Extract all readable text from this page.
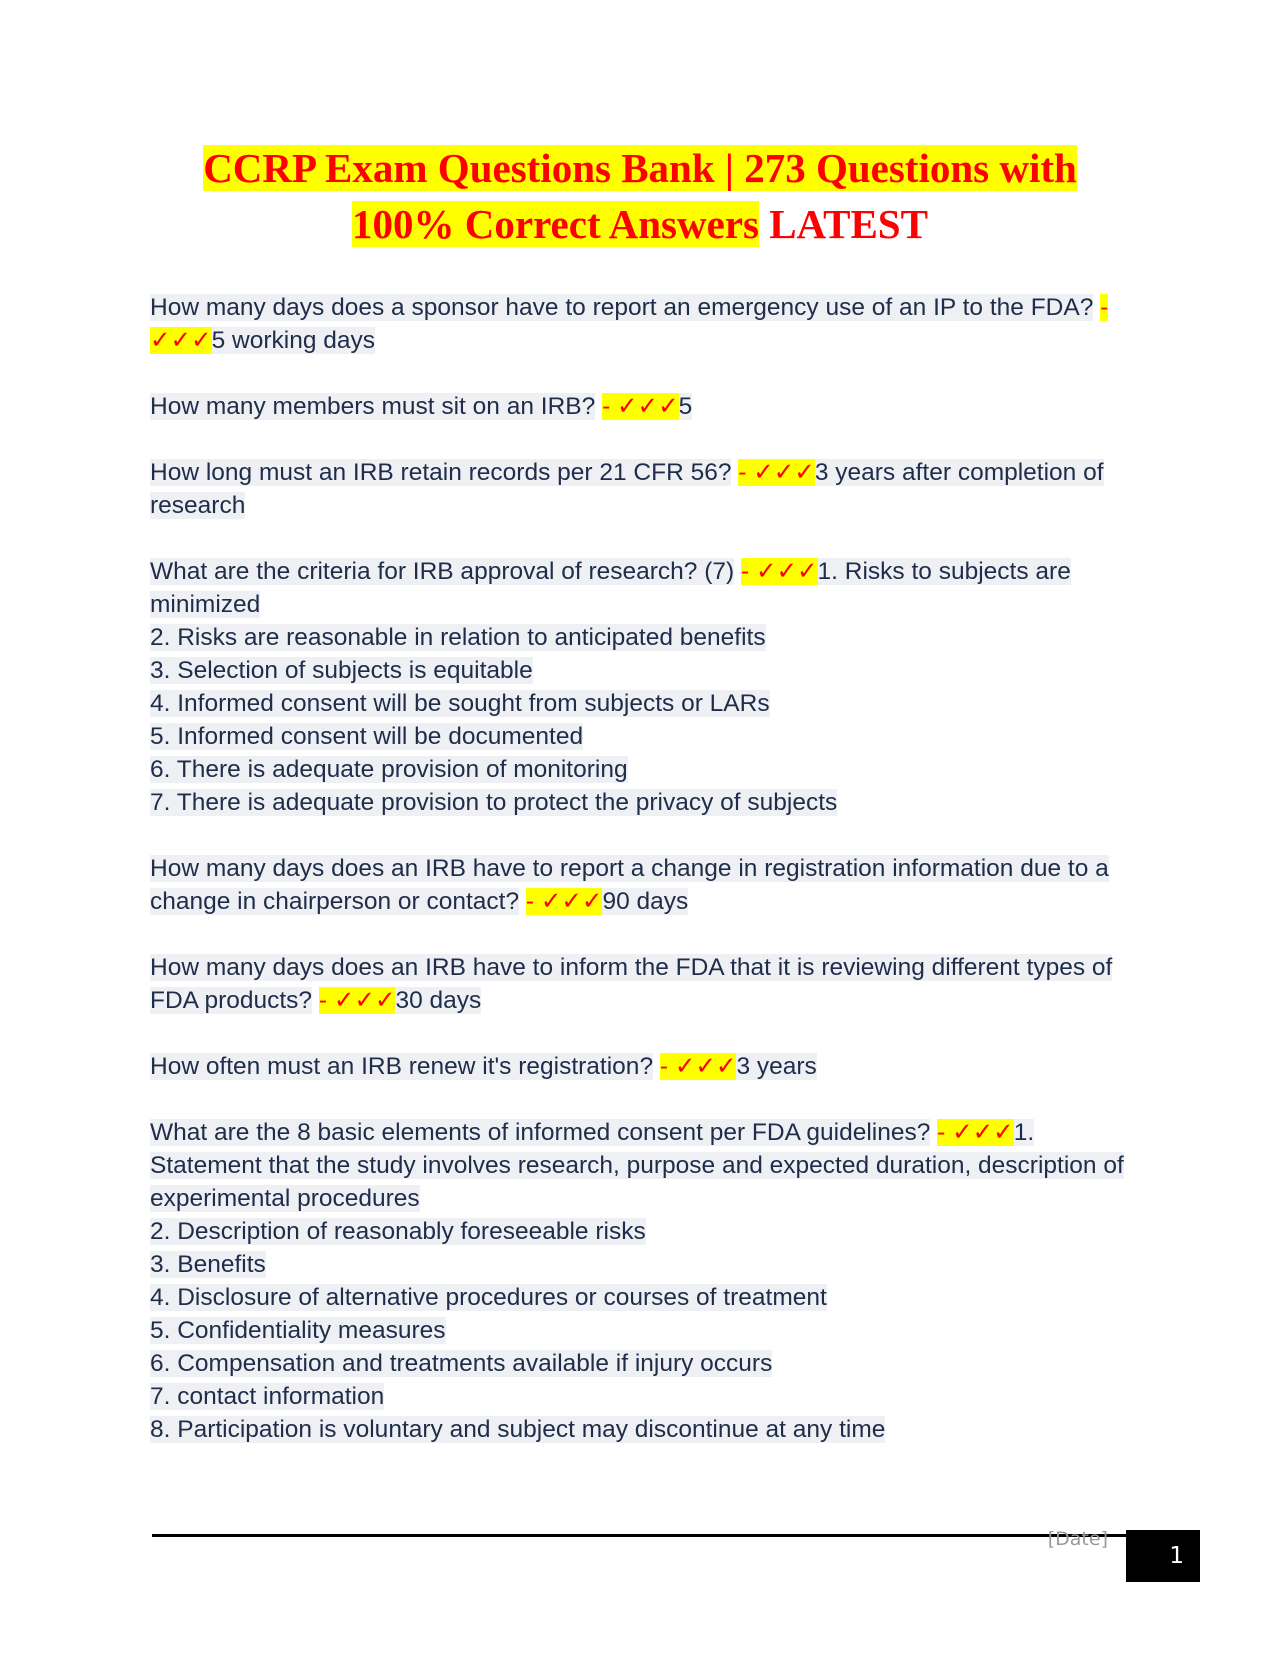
CCRP Exam Questions Bank | 273 Questions with
100% Correct Answers LATEST

How many days does a sponsor have to report an emergency use of an IP to the FDA? - ✓✓✓5 working days

How many members must sit on an IRB? - ✓✓✓5

How long must an IRB retain records per 21 CFR 56? - ✓✓✓3 years after completion of research

What are the criteria for IRB approval of research? (7) - ✓✓✓1. Risks to subjects are minimized

2. Risks are reasonable in relation to anticipated benefits

3. Selection of subjects is equitable

4. Informed consent will be sought from subjects or LARs

5. Informed consent will be documented

6. There is adequate provision of monitoring

7. There is adequate provision to protect the privacy of subjects

How many days does an IRB have to report a change in registration information due to a change in chairperson or contact? - ✓✓✓90 days

How many days does an IRB have to inform the FDA that it is reviewing different types of FDA products? - ✓✓✓30 days

How often must an IRB renew it's registration? - ✓✓✓3 years

What are the 8 basic elements of informed consent per FDA guidelines? - ✓✓✓1. Statement that the study involves research, purpose and expected duration, description of experimental procedures

2. Description of reasonably foreseeable risks

3. Benefits

4. Disclosure of alternative procedures or courses of treatment

5. Confidentiality measures

6. Compensation and treatments available if injury occurs

7. contact information

8. Participation is voluntary and subject may discontinue at any time

[Date]
1
